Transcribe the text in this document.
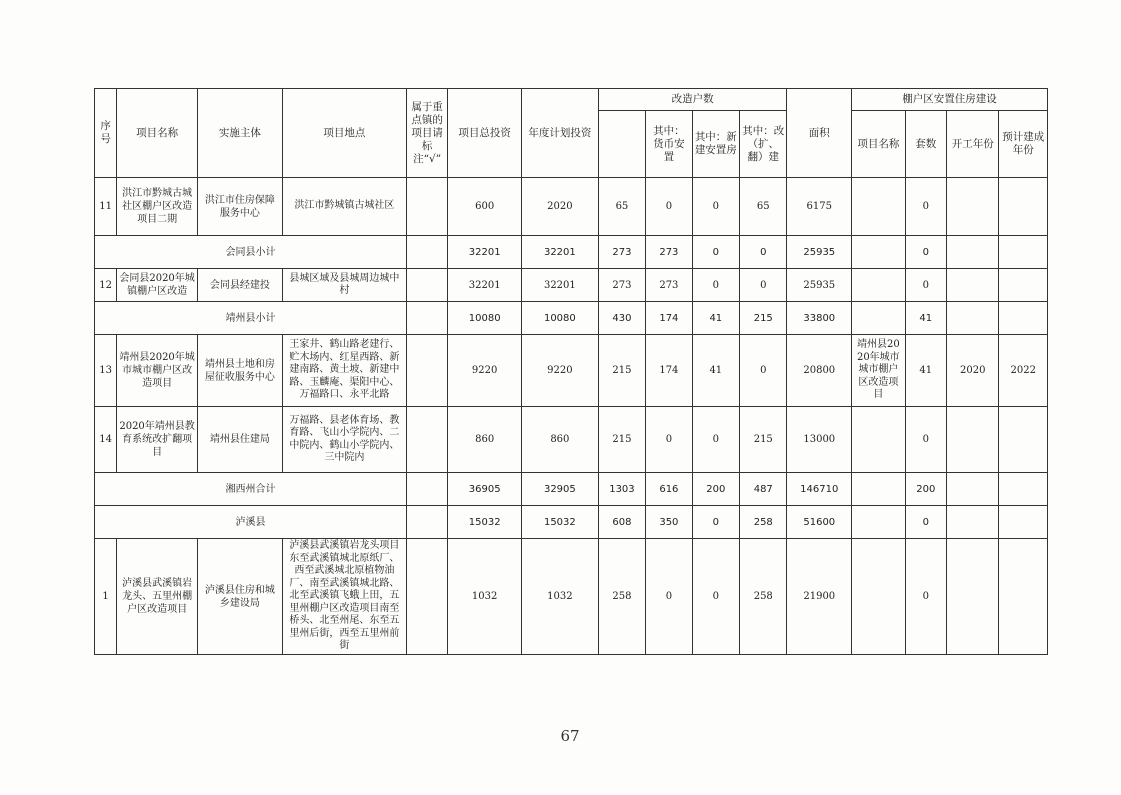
序号	项目名称	实施主体	项目地点	属于重点镇的项目请标注“√”	项目总投资	年度计划投资	改造户数				面积	棚户区安置住房建设			
								其中：货币安置	其中：新建安置房	其中：改（扩、翻）建		项目名称	套数	开工年份	预计建成年份
11	洪江市黔城古城社区棚户区改造项目二期	洪江市住房保障服务中心	洪江市黔城镇古城社区		600	2020	65	0	0	65	6175		0		
会同县小计					32201	32201	273	273	0	0	25935		0		
12	会同县2020年城镇棚户区改造	会同县经建投	县城区域及县城周边城中村		32201	32201	273	273	0	0	25935		0		
靖州县小计					10080	10080	430	174	41	215	33800		41		
13	靖州县2020年城市城市棚户区改造项目	靖州县土地和房屋征收服务中心	王家井、鹤山路老建行、贮木场内、红星西路、新建南路、黄土坡、新建中路、玉麟庵、渠阳中心、万福路口、永平北路		9220	9220	215	174	41	0	20800	靖州县2020年城市城市棚户区改造项目	41	2020	2022
14	2020年靖州县教育系统改扩翻项目	靖州县住建局	万福路、县老体育场、教育路、飞山小学院内、二中院内、鹤山小学院内、三中院内		860	860	215	0	0	215	13000		0		
湘西州合计					36905	32905	1303	616	200	487	146710		200		
泸溪县					15032	15032	608	350	0	258	51600		0		
1	泸溪县武溪镇岩龙头、五里州棚户区改造项目	泸溪县住房和城乡建设局	泸溪县武溪镇岩龙头项目东至武溪镇城北原纸厂、西至武溪城北原植物油厂、南至武溪镇城北路、北至武溪镇飞蛾上田，五里州棚户区改造项目南至桥头、北至州尾、东至五里州后街，西至五里州前街		1032	1032	258	0	0	258	21900		0		
67
